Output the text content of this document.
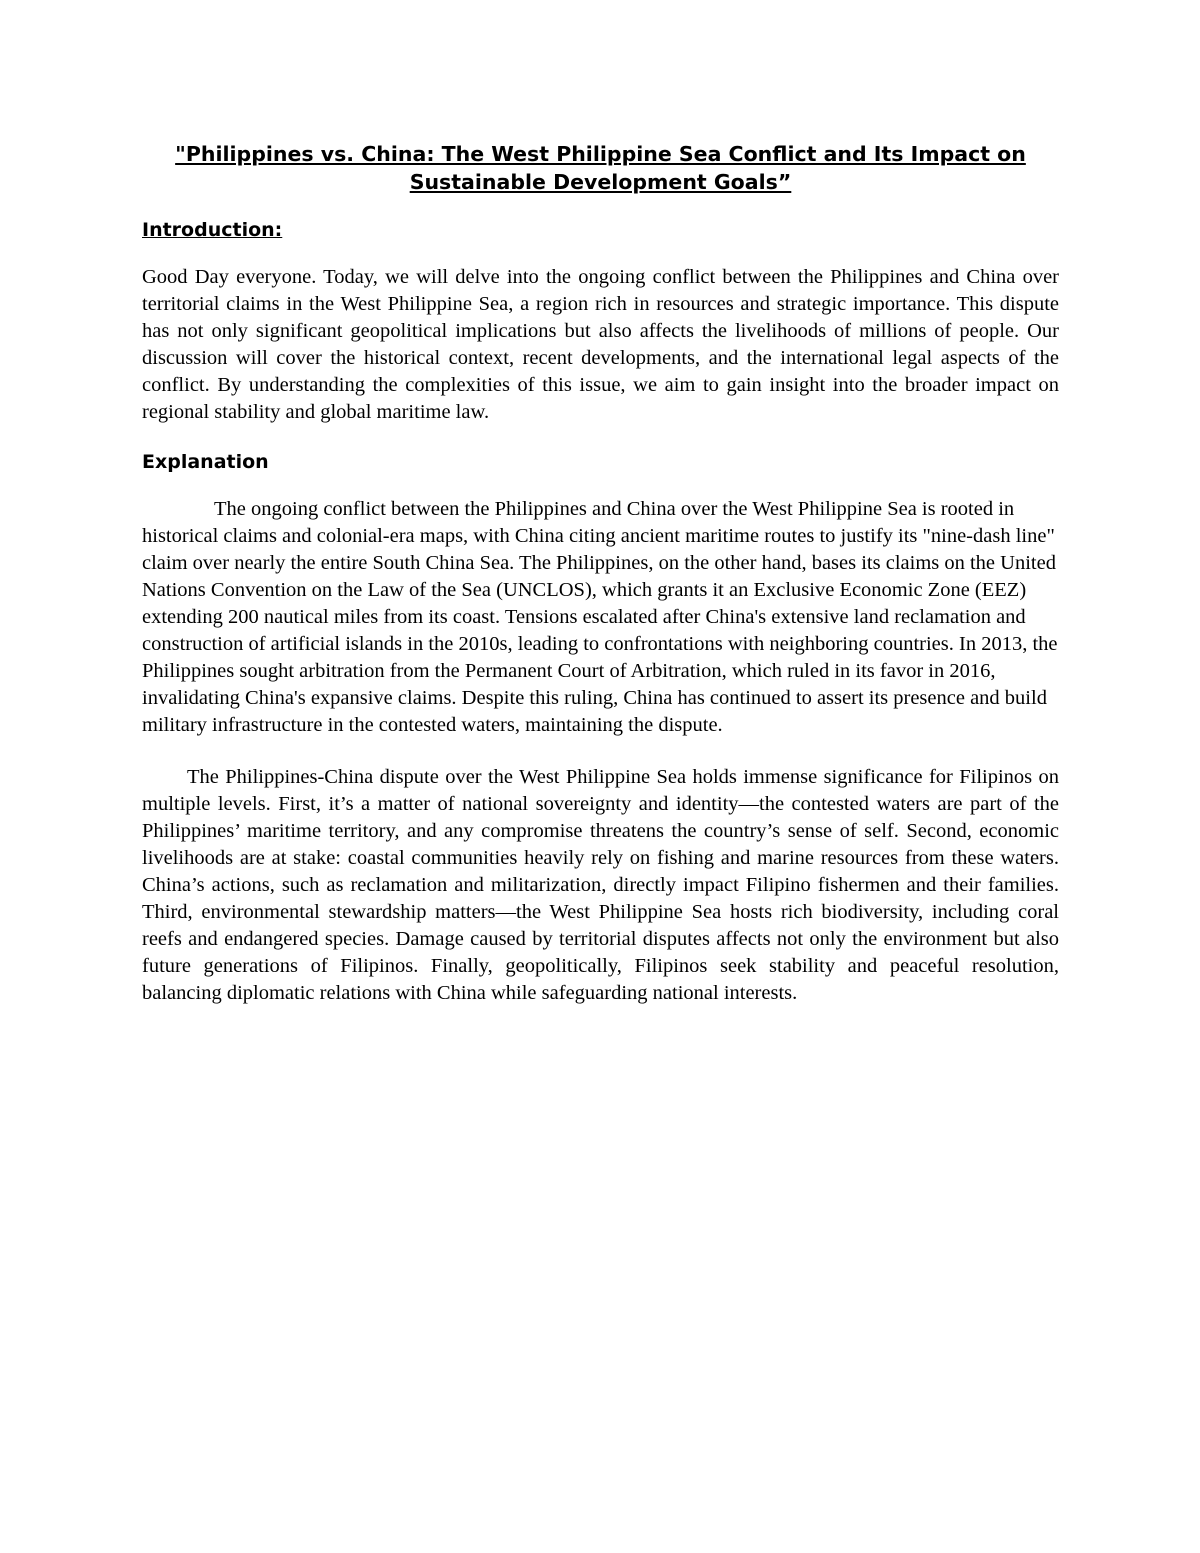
"Philippines vs. China: The West Philippine Sea Conflict and Its Impact on Sustainable Development Goals”
Introduction:

Good Day everyone. Today, we will delve into the ongoing conflict between the Philippines and China over territorial claims in the West Philippine Sea, a region rich in resources and strategic importance. This dispute has not only significant geopolitical implications but also affects the livelihoods of millions of people. Our discussion will cover the historical context, recent developments, and the international legal aspects of the conflict. By understanding the complexities of this issue, we aim to gain insight into the broader impact on regional stability and global maritime law.

Explanation

The ongoing conflict between the Philippines and China over the West Philippine Sea is rooted in historical claims and colonial-era maps, with China citing ancient maritime routes to justify its "nine-dash line" claim over nearly the entire South China Sea. The Philippines, on the other hand, bases its claims on the United Nations Convention on the Law of the Sea (UNCLOS), which grants it an Exclusive Economic Zone (EEZ) extending 200 nautical miles from its coast. Tensions escalated after China's extensive land reclamation and construction of artificial islands in the 2010s, leading to confrontations with neighboring countries. In 2013, the Philippines sought arbitration from the Permanent Court of Arbitration, which ruled in its favor in 2016, invalidating China's expansive claims. Despite this ruling, China has continued to assert its presence and build military infrastructure in the contested waters, maintaining the dispute.

The Philippines-China dispute over the West Philippine Sea holds immense significance for Filipinos on multiple levels. First, it’s a matter of national sovereignty and identity—the contested waters are part of the Philippines’ maritime territory, and any compromise threatens the country’s sense of self. Second, economic livelihoods are at stake: coastal communities heavily rely on fishing and marine resources from these waters. China’s actions, such as reclamation and militarization, directly impact Filipino fishermen and their families. Third, environmental stewardship matters—the West Philippine Sea hosts rich biodiversity, including coral reefs and endangered species. Damage caused by territorial disputes affects not only the environment but also future generations of Filipinos. Finally, geopolitically, Filipinos seek stability and peaceful resolution, balancing diplomatic relations with China while safeguarding national interests.
